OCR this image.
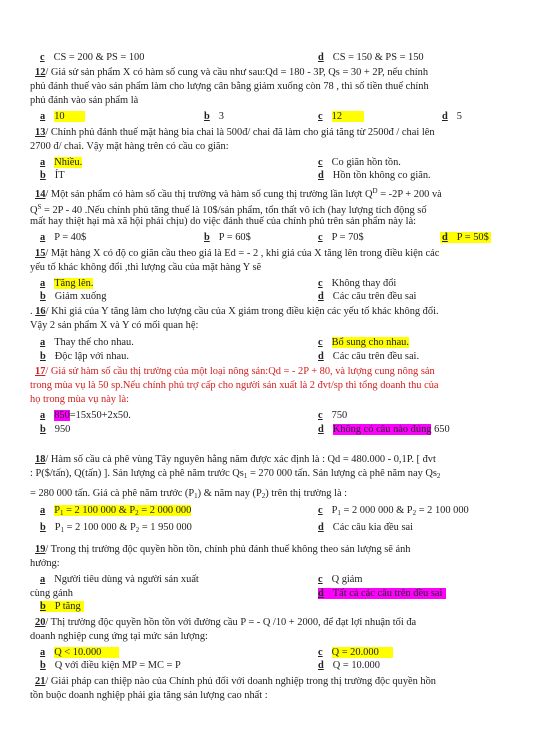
c CS = 200 & PS = 100	d CS = 150 & PS = 150
12/ Giả sử sản phẩm X có hàm số cung và cầu như sau:Qd = 180 - 3P, Qs = 30 + 2P, nếu chính
phủ đánh thuế vào sản phẩm làm cho lượng cân bằng giảm xuống còn 78 , thì số tiền thuế chính
phủ đánh vào sản phẩm là
a 10	b 3	c 12	d 5
13/ Chính phủ đánh thuế mặt hàng bia chai là 500đ/ chai đã làm cho giá tăng từ 2500đ / chai lên
2700 đ/ chai. Vậy mặt hàng trên có cầu co giãn:
a Nhiều.	c Co giãn hồn tồn.
b ÍT	d Hồn tồn không co giãn.
14/ Một sản phẩm có hàm số cầu thị trường và hàm số cung thị trường lần lượt $Q^D = -2P + 200$ và
$Q^S = 2P - 40$ .Nếu chính phủ tăng thuế là 10$/sản phẩm, tổn thất vô ích (hay lượng tích động số
mất hay thiệt hại mà xã hội phải chịu) do việc đánh thuế của chính phủ trên sản phẩm này là:
a P = 40$	b P = 60$	c P = 70$	d P = 50$
15/ Mặt hàng X có độ co giãn cầu theo giá là Ed = - 2 , khi giá của X tăng lên trong điều kiện các
yếu tố khác không đổi ,thì lượng cầu của mặt hàng Y sẽ
a Tăng lên.	c Không thay đổi
b Giảm xuống	d Các câu trên đều sai
. 16/ Khi giá của Y tăng làm cho lượng cầu của X giảm trong điều kiện các yếu tố khác không đổi.
Vậy 2 sản phẩm X và Y có mối quan hệ:
a Thay thế cho nhau.	c Bổ sung cho nhau.
b Độc lập với nhau.	d Các câu trên đều sai.
17/ Giả sử hàm số cầu thị trường của một loại nông sản:Qd = - 2P + 80, và lượng cung nông sản
trong mùa vụ là 50 sp.Nếu chính phủ trợ cấp cho người sản xuất là 2 đvt/sp thì tổng doanh thu của
họ trong mùa vụ này là:
a 850=15x50+2x50.	c 750
b 950	d Không có câu nào đúng 650
18/ Hàm số cầu cà phê vùng Tây nguyên hằng năm được xác định là : Qd = 480.000 - 0,1P. [ đvt
: P($/tấn), Q(tấn) ]. Sản lượng cà phê năm trước $Qs_1 = 270$ 000 tấn. Sản lượng cà phê năm nay $Qs_2$
= 280 000 tấn. Giá cà phê năm trước $(P_1)$ & năm nay $(P_2)$ trên thị trường là :
a $P_1 = 2$ 100 000 & $P_2 = 2$ 000 000	c $P_1 = 2$ 000 000 & $P_2 = 2$ 100 000
b $P_1 = 2$ 100 000 & $P_2 = 1$ 950 000	d Các câu kia đều sai
19/ Trong thị trường độc quyền hồn tồn, chính phủ đánh thuế không theo sản lượng sẽ ảnh
hưởng:
a Người tiêu dùng và người sản xuất	c Q giảm
cùng gánh	d Tất cả các câu trên đều sai
b P tăng
20/ Thị trường độc quyền hồn tồn với đường cầu P = - Q /10 + 2000, để đạt lợi nhuận tối đa
doanh nghiệp cung ứng tại mức sản lượng:
a Q < 10.000	c Q = 20.000
b Q với điều kiện MP = MC = P	d Q = 10.000
21/ Giải pháp can thiệp nào của Chính phủ đối với doanh nghiệp trong thị trường độc quyền hồn
tồn buộc doanh nghiệp phải gia tăng sản lượng cao nhất :
